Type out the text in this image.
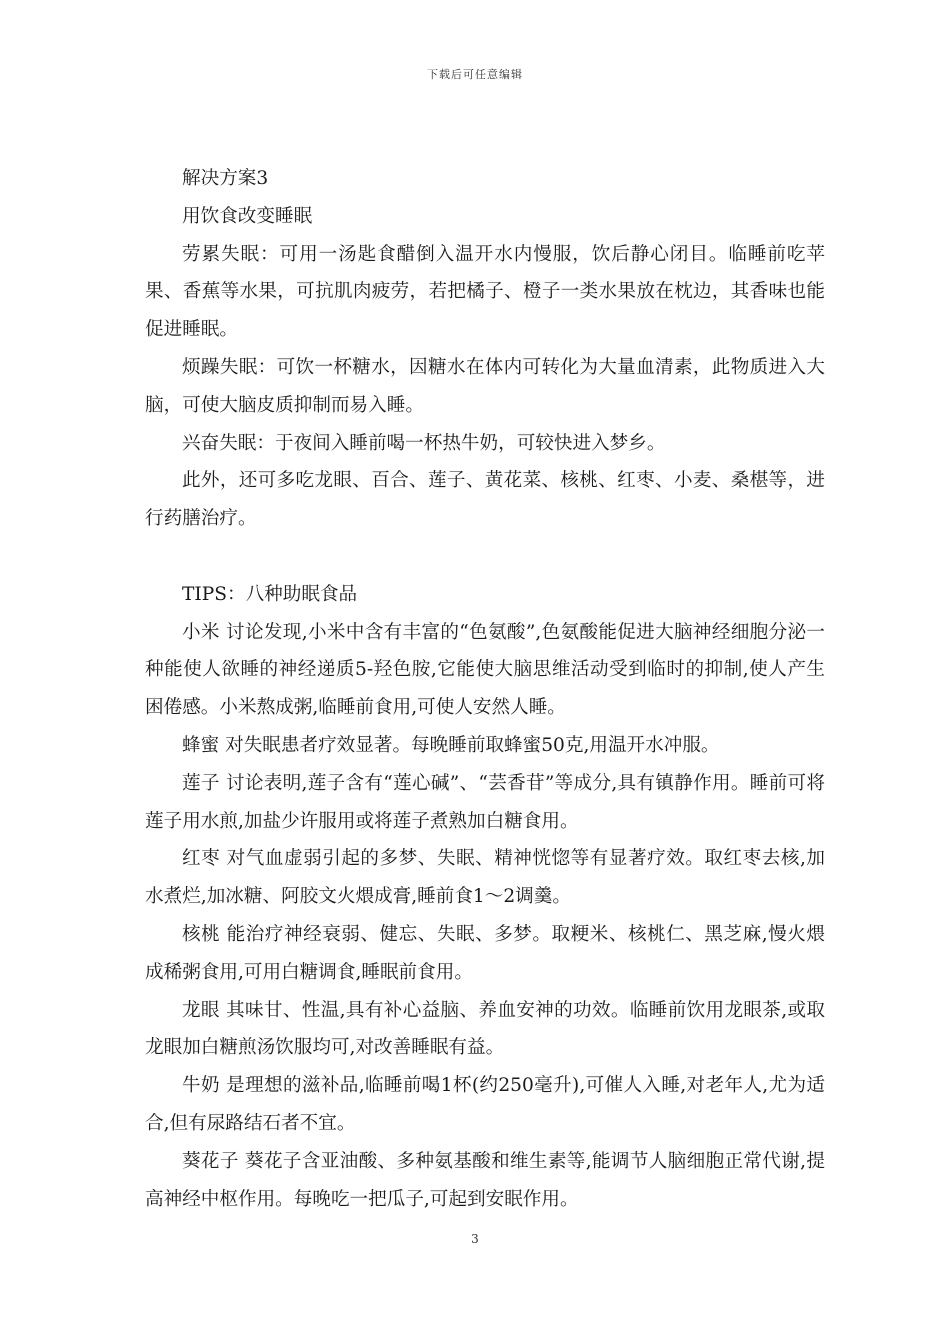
下载后可任意编辑

解决方案3

用饮食改变睡眠

劳累失眠：可用一汤匙食醋倒入温开水内慢服，饮后静心闭目。临睡前吃苹果、香蕉等水果，可抗肌肉疲劳，若把橘子、橙子一类水果放在枕边，其香味也能促进睡眠。

烦躁失眠：可饮一杯糖水，因糖水在体内可转化为大量血清素，此物质进入大脑，可使大脑皮质抑制而易入睡。

兴奋失眠：于夜间入睡前喝一杯热牛奶，可较快进入梦乡。

此外，还可多吃龙眼、百合、莲子、黄花菜、核桃、红枣、小麦、桑椹等，进行药膳治疗。

TIPS：八种助眠食品

小米 讨论发现,小米中含有丰富的“色氨酸”,色氨酸能促进大脑神经细胞分泌一种能使人欲睡的神经递质5-羟色胺,它能使大脑思维活动受到临时的抑制,使人产生困倦感。小米熬成粥,临睡前食用,可使人安然人睡。

蜂蜜 对失眠患者疗效显著。每晚睡前取蜂蜜50克,用温开水冲服。

莲子 讨论表明,莲子含有“莲心碱”、“芸香苷”等成分,具有镇静作用。睡前可将莲子用水煎,加盐少许服用或将莲子煮熟加白糖食用。

红枣 对气血虚弱引起的多梦、失眠、精神恍惚等有显著疗效。取红枣去核,加水煮烂,加冰糖、阿胶文火煨成膏,睡前食1～2调羹。

核桃 能治疗神经衰弱、健忘、失眠、多梦。取粳米、核桃仁、黑芝麻,慢火煨成稀粥食用,可用白糖调食,睡眠前食用。

龙眼 其味甘、性温,具有补心益脑、养血安神的功效。临睡前饮用龙眼茶,或取龙眼加白糖煎汤饮服均可,对改善睡眠有益。

牛奶 是理想的滋补品,临睡前喝1杯(约250毫升),可催人入睡,对老年人,尤为适合,但有尿路结石者不宜。

葵花子 葵花子含亚油酸、多种氨基酸和维生素等,能调节人脑细胞正常代谢,提高神经中枢作用。每晚吃一把瓜子,可起到安眠作用。

3
